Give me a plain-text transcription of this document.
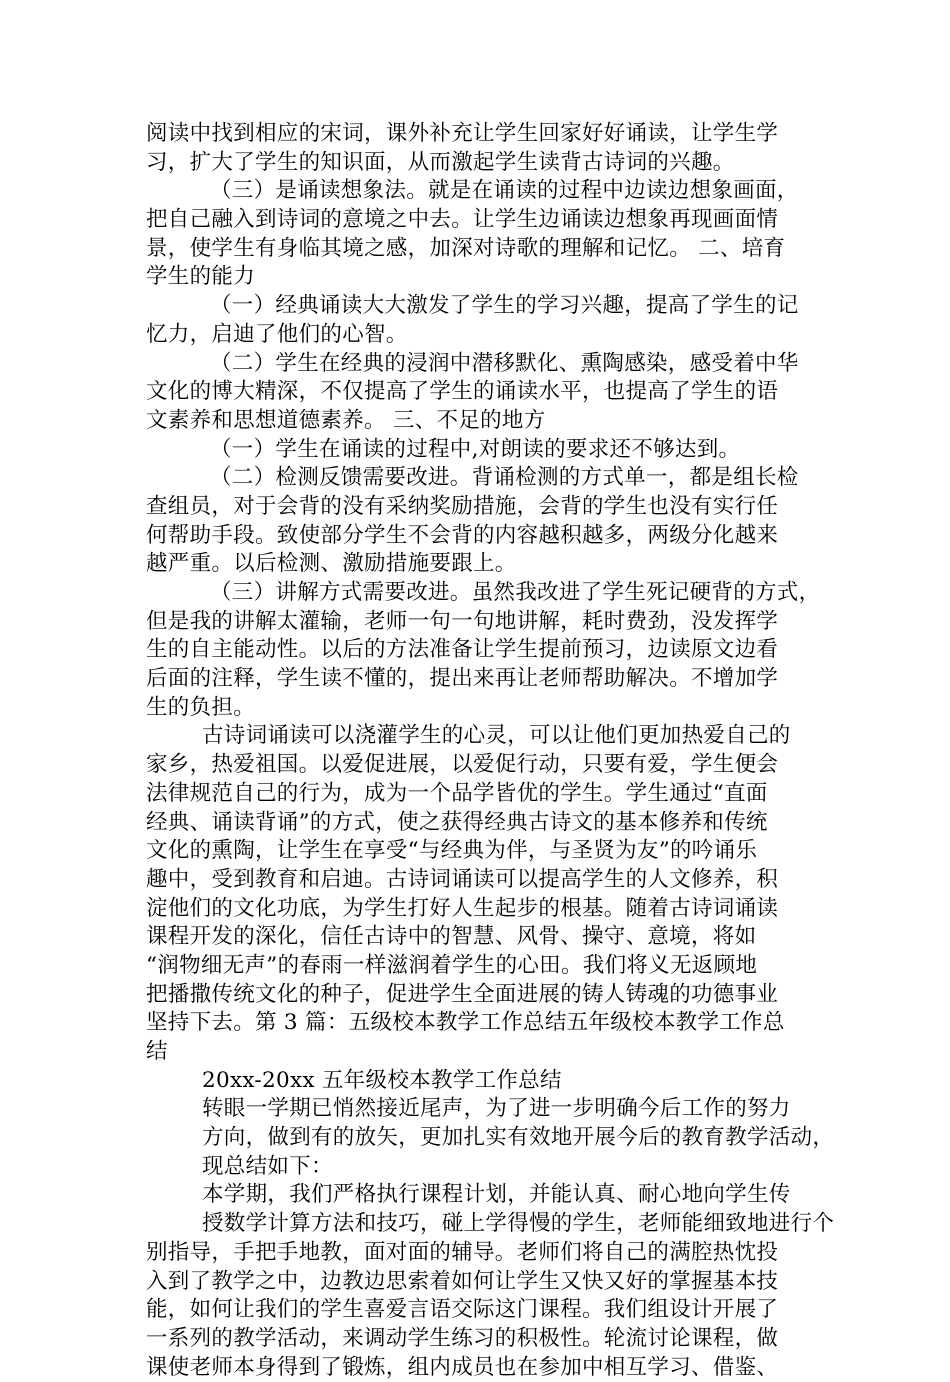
阅读中找到相应的宋词，课外补充让学生回家好好诵读，让学生学
习，扩大了学生的知识面，从而激起学生读背古诗词的兴趣。
（三）是诵读想象法。就是在诵读的过程中边读边想象画面，
把自己融入到诗词的意境之中去。让学生边诵读边想象再现画面情
景，使学生有身临其境之感，加深对诗歌的理解和记忆。 二、培育
学生的能力
（一）经典诵读大大激发了学生的学习兴趣，提高了学生的记
忆力，启迪了他们的心智。
（二）学生在经典的浸润中潜移默化、熏陶感染，感受着中华
文化的博大精深，不仅提高了学生的诵读水平，也提高了学生的语
文素养和思想道德素养。 三、不足的地方
（一）学生在诵读的过程中,对朗读的要求还不够达到。
（二）检测反馈需要改进。背诵检测的方式单一，都是组长检
查组员，对于会背的没有采纳奖励措施，会背的学生也没有实行任
何帮助手段。致使部分学生不会背的内容越积越多，两级分化越来
越严重。以后检测、激励措施要跟上。
（三）讲解方式需要改进。虽然我改进了学生死记硬背的方式，
但是我的讲解太灌输，老师一句一句地讲解，耗时费劲，没发挥学
生的自主能动性。以后的方法准备让学生提前预习，边读原文边看
后面的注释，学生读不懂的，提出来再让老师帮助解决。不增加学
生的负担。
古诗词诵读可以浇灌学生的心灵，可以让他们更加热爱自己的
家乡，热爱祖国。以爱促进展，以爱促行动，只要有爱，学生便会
法律规范自己的行为，成为一个品学皆优的学生。学生通过“直面
经典、诵读背诵”的方式，使之获得经典古诗文的基本修养和传统
文化的熏陶，让学生在享受“与经典为伴，与圣贤为友”的吟诵乐
趣中，受到教育和启迪。古诗词诵读可以提高学生的人文修养，积
淀他们的文化功底，为学生打好人生起步的根基。随着古诗词诵读
课程开发的深化，信任古诗中的智慧、风骨、操守、意境，将如
“润物细无声”的春雨一样滋润着学生的心田。我们将义无返顾地
把播撒传统文化的种子，促进学生全面进展的铸人铸魂的功德事业
坚持下去。第 3 篇：五级校本教学工作总结五年级校本教学工作总
结
20xx-20xx 五年级校本教学工作总结
转眼一学期已悄然接近尾声，为了进一步明确今后工作的努力
方向，做到有的放矢，更加扎实有效地开展今后的教育教学活动，
现总结如下：
本学期，我们严格执行课程计划，并能认真、耐心地向学生传
授数学计算方法和技巧，碰上学得慢的学生，老师能细致地进行个
别指导，手把手地教，面对面的辅导。老师们将自己的满腔热忱投
入到了教学之中，边教边思索着如何让学生又快又好的掌握基本技
能，如何让我们的学生喜爱言语交际这门课程。我们组设计开展了
一系列的教学活动，来调动学生练习的积极性。轮流讨论课程，做
课使老师本身得到了锻炼，组内成员也在参加中相互学习、借鉴、
